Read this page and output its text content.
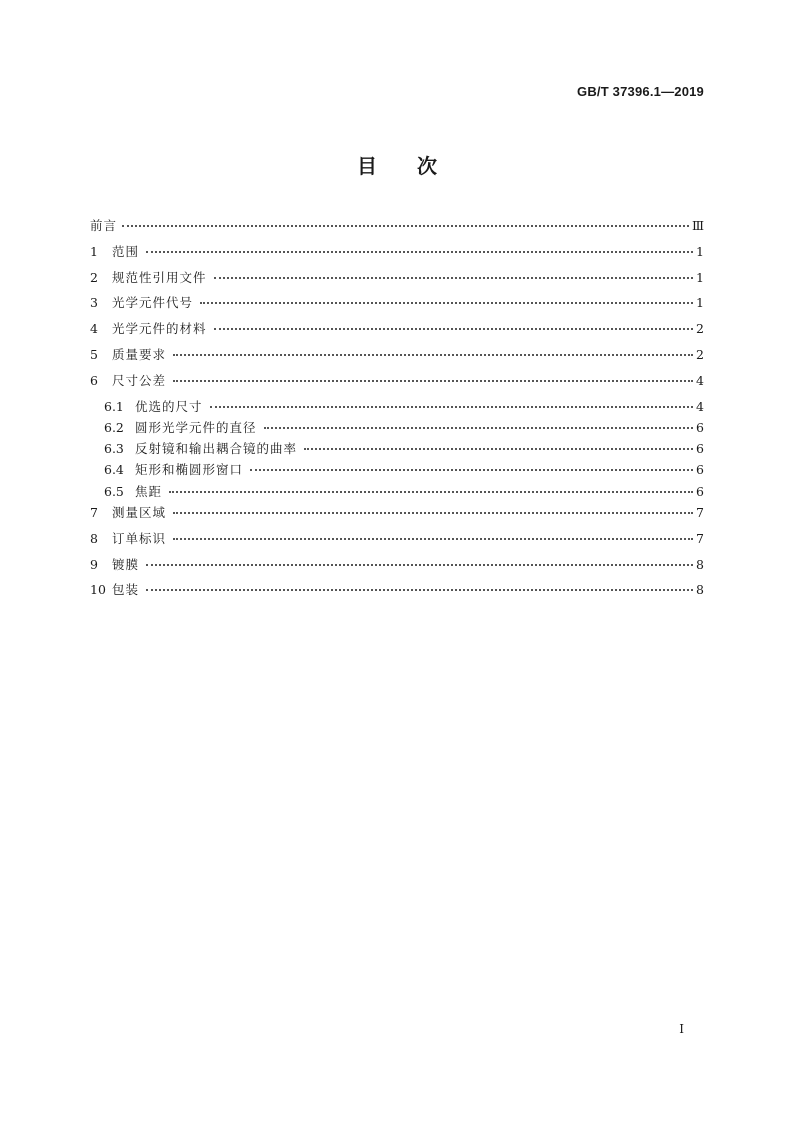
GB/T 37396.1—2019
目次
前言	Ⅲ
1	范围	1
2	规范性引用文件	1
3	光学元件代号	1
4	光学元件的材料	2
5	质量要求	2
6	尺寸公差	4
6.1 优选的尺寸	4
6.2 圆形光学元件的直径	6
6.3 反射镜和输出耦合镜的曲率	6
6.4 矩形和椭圆形窗口	6
6.5 焦距	6
7	测量区域	7
8	订单标识	7
9	镀膜	8
10 包装	8
I
